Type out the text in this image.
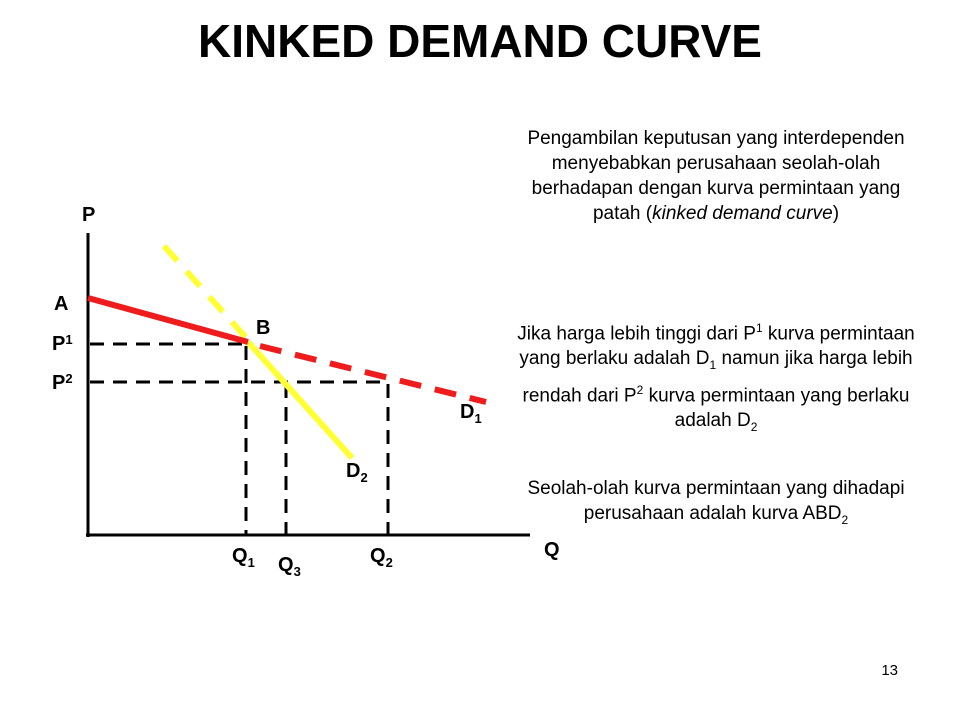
KINKED DEMAND CURVE
P
Q
A
B
$P^1$
$P^2$
$Q_1$ $Q_3$
$Q_2$
$D_1$
$D_2$
Pengambilan keputusan yang interdependen menyebabkan perusahaan seolah-olah berhadapan dengan kurva permintaan yang patah (kinked demand curve)
Jika harga lebih tinggi dari $P^1$ kurva permintaan yang berlaku adalah $D_1$ namun jika harga lebih rendah dari $P^2$ kurva permintaan yang berlaku adalah $D_2$
Seolah-olah kurva permintaan yang dihadapi perusahaan adalah kurva $ABD_2$
13
